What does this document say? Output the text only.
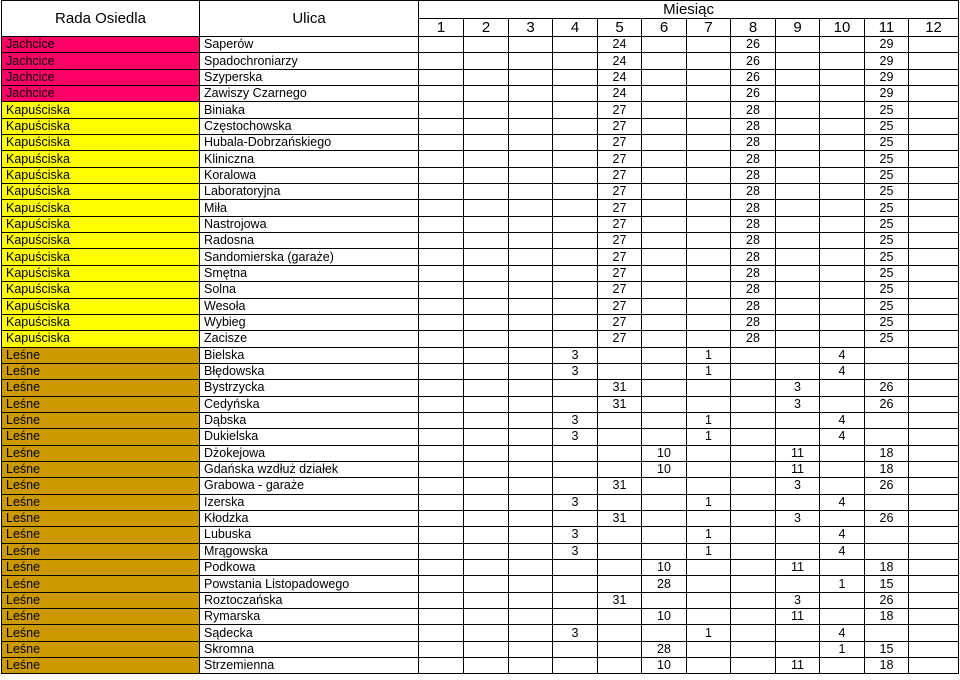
Rada Osiedla	Ulica	Miesiąc											
		1	2	3	4	5	6	7	8	9	10	11	12
Jachcice	Saperów					24			26			29	
Jachcice	Spadochroniarzy					24			26			29	
Jachcice	Szyperska					24			26			29	
Jachcice	Zawiszy Czarnego					24			26			29	
Kapuściska	Biniaka					27			28			25	
Kapuściska	Częstochowska					27			28			25	
Kapuściska	Hubala-Dobrzańskiego					27			28			25	
Kapuściska	Kliniczna					27			28			25	
Kapuściska	Koralowa					27			28			25	
Kapuściska	Laboratoryjna					27			28			25	
Kapuściska	Miła					27			28			25	
Kapuściska	Nastrojowa					27			28			25	
Kapuściska	Radosna					27			28			25	
Kapuściska	Sandomierska (garaże)					27			28			25	
Kapuściska	Smętna					27			28			25	
Kapuściska	Solna					27			28			25	
Kapuściska	Wesoła					27			28			25	
Kapuściska	Wybieg					27			28			25	
Kapuściska	Zacisze					27			28			25	
Leśne	Bielska				3			1			4		
Leśne	Błędowska				3			1			4		
Leśne	Bystrzycka					31				3		26	
Leśne	Cedyńska					31				3		26	
Leśne	Dąbska				3			1			4		
Leśne	Dukielska				3			1			4		
Leśne	Dżokejowa						10			11		18	
Leśne	Gdańska wzdłuż działek						10			11		18	
Leśne	Grabowa - garaże					31				3		26	
Leśne	Izerska				3			1			4		
Leśne	Kłodzka					31				3		26	
Leśne	Lubuska				3			1			4		
Leśne	Mrągowska				3			1			4		
Leśne	Podkowa						10			11		18	
Leśne	Powstania Listopadowego						28				1	15	
Leśne	Roztoczańska					31				3		26	
Leśne	Rymarska						10			11		18	
Leśne	Sądecka				3			1			4		
Leśne	Skromna						28				1	15	
Leśne	Strzemienna						10			11		18	
